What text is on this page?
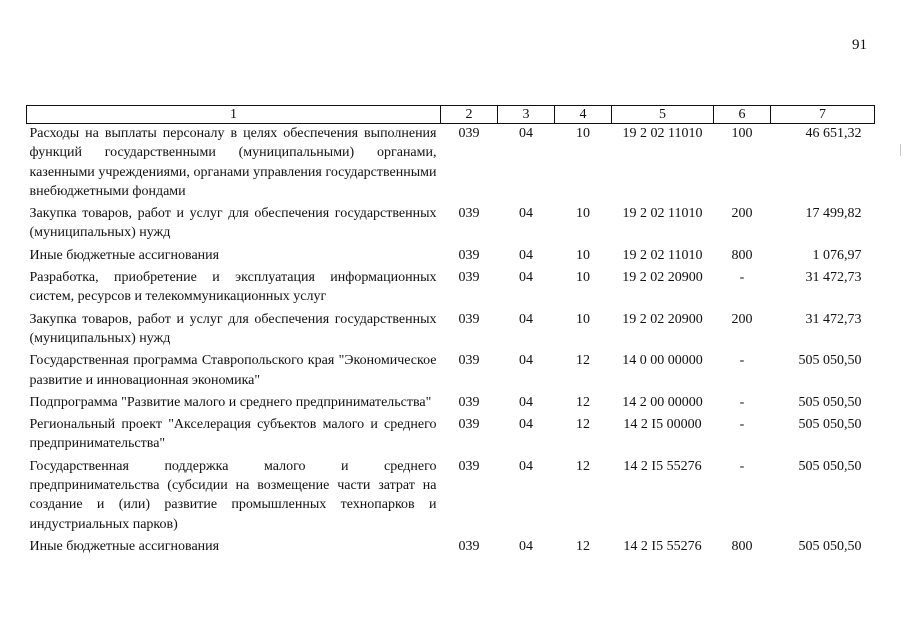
91
1	2	3	4	5	6	7
Расходы на выплаты персоналу в целях обеспечения выполнения функций государственными (муниципальными) органами, казенными учреждениями, органами управления государственными внебюджетными фондами	039	04	10	19 2 02 11010	100	46 651,32
Закупка товаров, работ и услуг для обеспечения государственных (муниципальных) нужд	039	04	10	19 2 02 11010	200	17 499,82
Иные бюджетные ассигнования	039	04	10	19 2 02 11010	800	1 076,97
Разработка, приобретение и эксплуатация информационных систем, ресурсов и телекоммуникационных услуг	039	04	10	19 2 02 20900	-	31 472,73
Закупка товаров, работ и услуг для обеспечения государственных (муниципальных) нужд	039	04	10	19 2 02 20900	200	31 472,73
Государственная программа Ставропольского края "Экономическое развитие и инновационная экономика"	039	04	12	14 0 00 00000	-	505 050,50
Подпрограмма "Развитие малого и среднего предпринимательства"	039	04	12	14 2 00 00000	-	505 050,50
Региональный проект "Акселерация субъектов малого и среднего предпринимательства"	039	04	12	14 2 I5 00000	-	505 050,50
Государственная поддержка малого и среднего предпринимательства (субсидии на возмещение части затрат на создание и (или) развитие промышленных технопарков и индустриальных парков)	039	04	12	14 2 I5 55276	-	505 050,50
Иные бюджетные ассигнования	039	04	12	14 2 I5 55276	800	505 050,50
